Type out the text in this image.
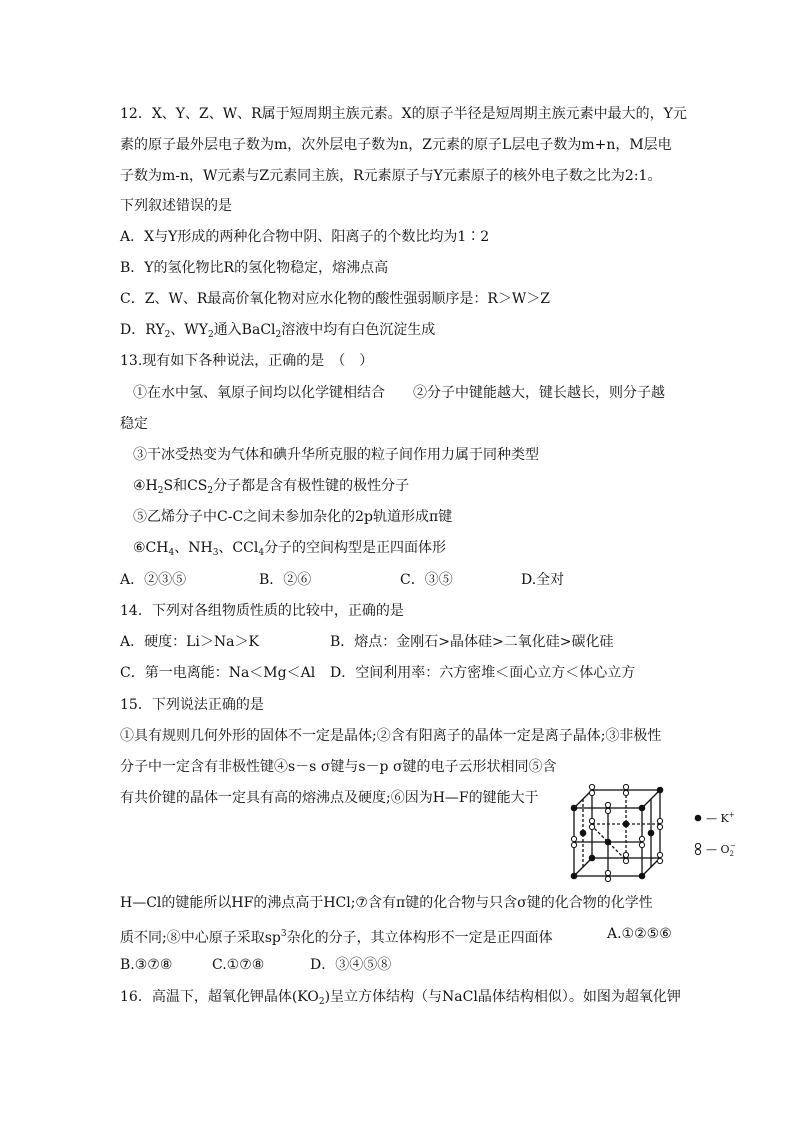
12．X、Y、Z、W、R属于短周期主族元素。X的原子半径是短周期主族元素中最大的，Y元
素的原子最外层电子数为m，次外层电子数为n，Z元素的原子L层电子数为m+n，M层电
子数为m-n，W元素与Z元素同主族，R元素原子与Y元素原子的核外电子数之比为2:1。
下列叙述错误的是
A．X与Y形成的两种化合物中阴、阳离子的个数比均为1∶2
B．Y的氢化物比R的氢化物稳定，熔沸点高
C．Z、W、R最高价氧化物对应水化物的酸性强弱顺序是：R＞W＞Z
D．$RY_2$、$WY_2$通入BaCl$_2$溶液中均有白色沉淀生成
13.现有如下各种说法，正确的是　（　）
①在水中氢、氧原子间均以化学键相结合　　②分子中键能越大，键长越长，则分子越
稳定
③干冰受热变为气体和碘升华所克服的粒子间作用力属于同种类型
$④H_2S$和$CS_2$分子都是含有极性键的极性分子
⑤乙烯分子中C-C之间未参加杂化的2p轨道形成π键
$⑥CH_4$、$NH_3$、CCl$_4$分子的空间构型是正四面体形
A．②③⑤	B．②⑥	C．③⑤	D.全对
14．下列对各组物质性质的比较中，正确的是
A．硬度：Li＞Na＞K	B．熔点：金刚石>晶体硅>二氧化硅>碳化硅
C．第一电离能：Na＜Mg＜Al D．空间利用率：六方密堆＜面心立方＜体心立方
15．下列说法正确的是
①具有规则几何外形的固体不一定是晶体;②含有阳离子的晶体一定是离子晶体;③非极性
分子中一定含有非极性键④s－s σ键与s－p σ键的电子云形状相同⑤含
有共价键的晶体一定具有高的熔沸点及硬度;⑥因为H—F的键能大于
H—Cl的键能所以HF的沸点高于HCl;⑦含有π键的化合物与只含σ键的化合物的化学性
质不同;⑧中心原子采取$sp^3$杂化的分子，其立体构形不一定是正四面体	A.①②⑤⑥
B.③⑦⑧	C.①⑦⑧	D．③④⑤⑧
16．高温下，超氧化钾晶体$(KO_2)$呈立方体结构（与NaCl晶体结构相似）。如图为超氧化钾
— K+
— $O_2-$
